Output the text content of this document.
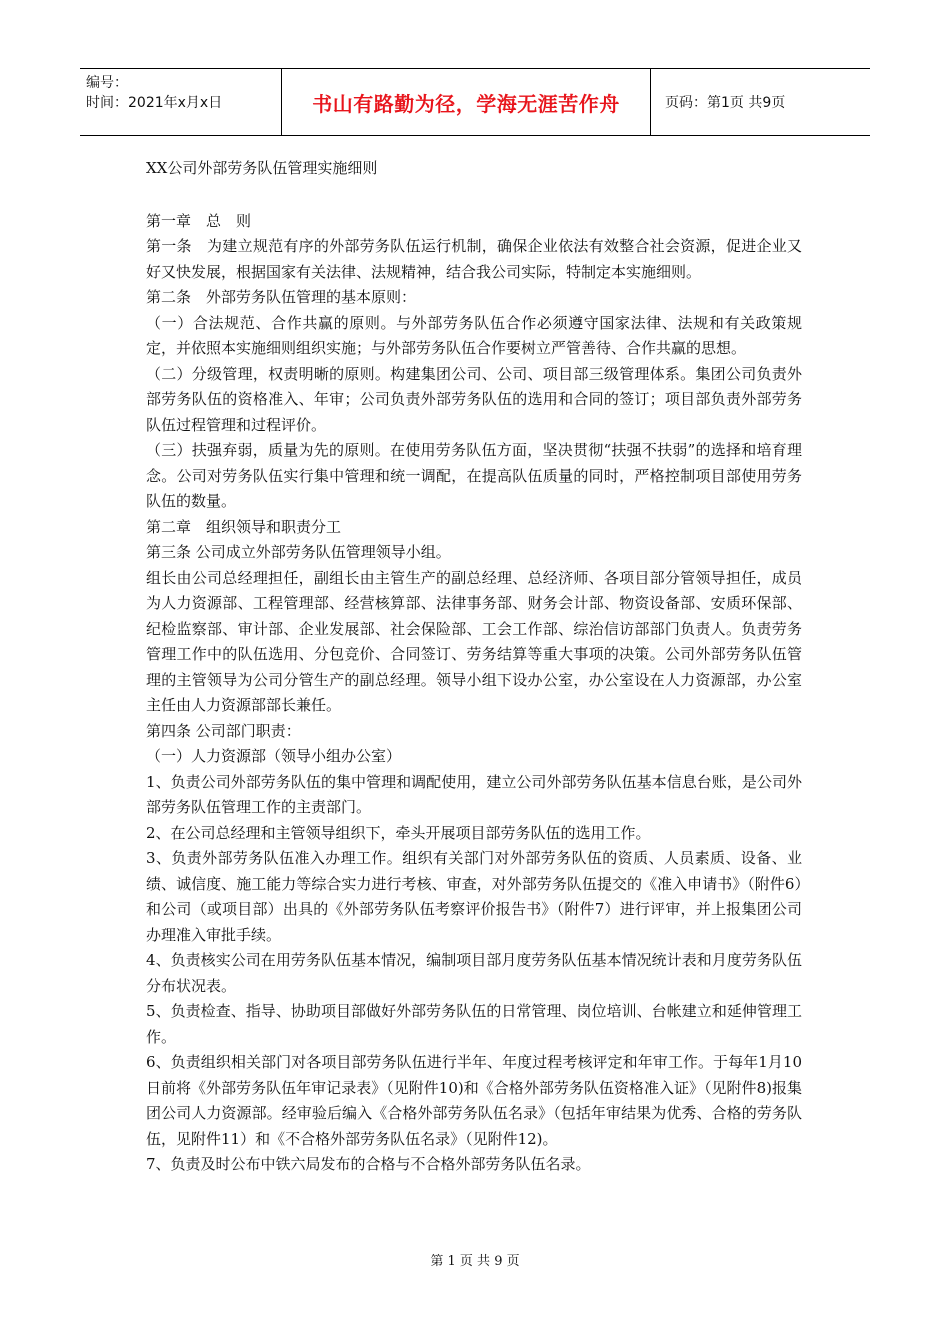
编号：
时间：2021年x月x日	书山有路勤为径，学海无涯苦作舟	页码：第1页 共9页
XX公司外部劳务队伍管理实施细则

第一章　总　则

第一条　为建立规范有序的外部劳务队伍运行机制，确保企业依法有效整合社会资源，促进企业又好又快发展，根据国家有关法律、法规精神，结合我公司实际，特制定本实施细则。

第二条　外部劳务队伍管理的基本原则：

（一）合法规范、合作共赢的原则。与外部劳务队伍合作必须遵守国家法律、法规和有关政策规定，并依照本实施细则组织实施；与外部劳务队伍合作要树立严管善待、合作共赢的思想。

（二）分级管理，权责明晰的原则。构建集团公司、公司、项目部三级管理体系。集团公司负责外部劳务队伍的资格准入、年审；公司负责外部劳务队伍的选用和合同的签订；项目部负责外部劳务队伍过程管理和过程评价。

（三）扶强弃弱，质量为先的原则。在使用劳务队伍方面，坚决贯彻“扶强不扶弱”的选择和培育理念。公司对劳务队伍实行集中管理和统一调配，在提高队伍质量的同时，严格控制项目部使用劳务队伍的数量。

第二章　组织领导和职责分工

第三条 公司成立外部劳务队伍管理领导小组。

组长由公司总经理担任，副组长由主管生产的副总经理、总经济师、各项目部分管领导担任，成员为人力资源部、工程管理部、经营核算部、法律事务部、财务会计部、物资设备部、安质环保部、纪检监察部、审计部、企业发展部、社会保险部、工会工作部、综治信访部部门负责人。负责劳务管理工作中的队伍选用、分包竞价、合同签订、劳务结算等重大事项的决策。公司外部劳务队伍管理的主管领导为公司分管生产的副总经理。领导小组下设办公室，办公室设在人力资源部，办公室主任由人力资源部部长兼任。

第四条 公司部门职责：

（一）人力资源部（领导小组办公室）

1、负责公司外部劳务队伍的集中管理和调配使用，建立公司外部劳务队伍基本信息台账，是公司外部劳务队伍管理工作的主责部门。

2、在公司总经理和主管领导组织下，牵头开展项目部劳务队伍的选用工作。

3、负责外部劳务队伍准入办理工作。组织有关部门对外部劳务队伍的资质、人员素质、设备、业绩、诚信度、施工能力等综合实力进行考核、审查，对外部劳务队伍提交的《准入申请书》（附件6）和公司（或项目部）出具的《外部劳务队伍考察评价报告书》（附件7）进行评审，并上报集团公司办理准入审批手续。

4、负责核实公司在用劳务队伍基本情况，编制项目部月度劳务队伍基本情况统计表和月度劳务队伍分布状况表。

5、负责检查、指导、协助项目部做好外部劳务队伍的日常管理、岗位培训、台帐建立和延伸管理工作。

6、负责组织相关部门对各项目部劳务队伍进行半年、年度过程考核评定和年审工作。于每年1月10日前将《外部劳务队伍年审记录表》（见附件10)和《合格外部劳务队伍资格准入证》（见附件8)报集团公司人力资源部。经审验后编入《合格外部劳务队伍名录》（包括年审结果为优秀、合格的劳务队伍，见附件11）和《不合格外部劳务队伍名录》（见附件12)。

7、负责及时公布中铁六局发布的合格与不合格外部劳务队伍名录。

第 1 页 共 9 页
